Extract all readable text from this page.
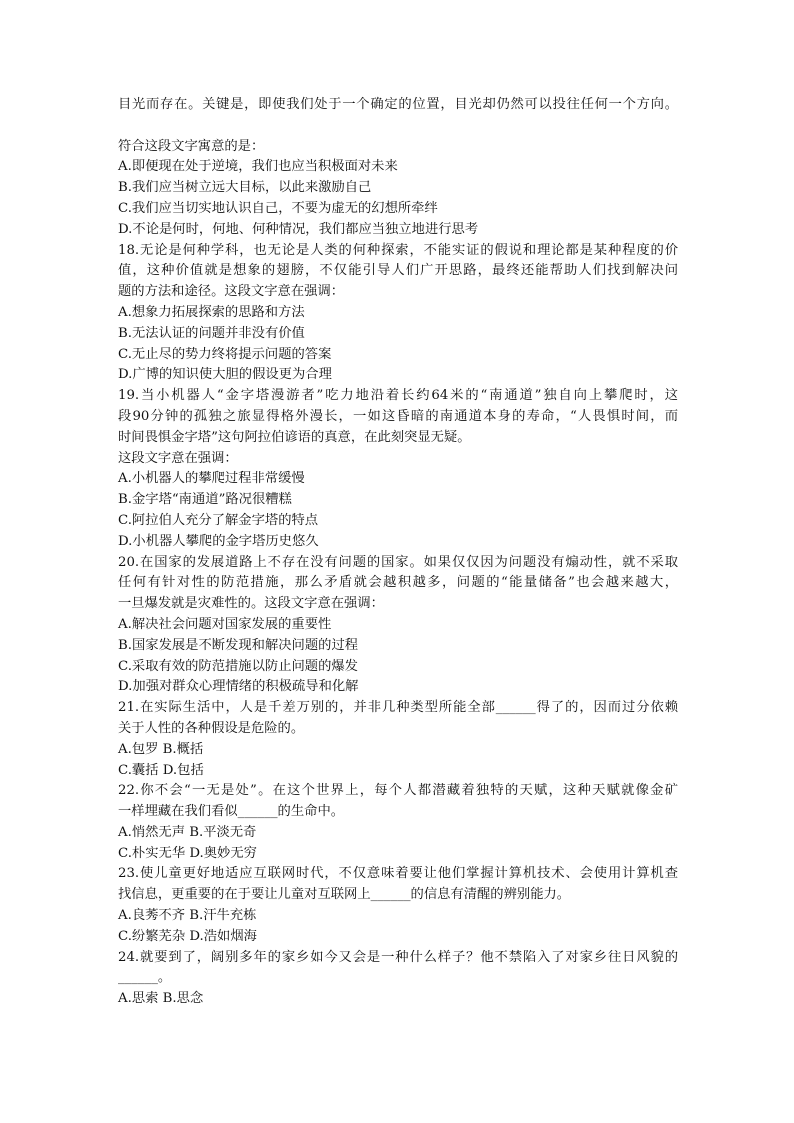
目光而存在。关键是，即使我们处于一个确定的位置，目光却仍然可以投往任何一个方向。
符合这段文字寓意的是：
A.即便现在处于逆境，我们也应当积极面对未来
B.我们应当树立远大目标，以此来激励自己
C.我们应当切实地认识自己，不要为虚无的幻想所牵绊
D.不论是何时，何地、何种情况，我们都应当独立地进行思考
18.无论是何种学科，也无论是人类的何种探索，不能实证的假说和理论都是某种程度的价
值，这种价值就是想象的翅膀，不仅能引导人们广开思路，最终还能帮助人们找到解决问
题的方法和途径。这段文字意在强调：
A.想象力拓展探索的思路和方法
B.无法认证的问题并非没有价值
C.无止尽的势力终将提示问题的答案
D.广博的知识使大胆的假设更为合理
19.当小机器人“金字塔漫游者”吃力地沿着长约64米的“南通道”独自向上攀爬时，这
段90分钟的孤独之旅显得格外漫长，一如这昏暗的南通道本身的寿命，“人畏惧时间，而
时间畏惧金字塔”这句阿拉伯谚语的真意，在此刻突显无疑。
这段文字意在强调：
A.小机器人的攀爬过程非常缓慢
B.金字塔“南通道”路况很糟糕
C.阿拉伯人充分了解金字塔的特点
D.小机器人攀爬的金字塔历史悠久
20.在国家的发展道路上不存在没有问题的国家。如果仅仅因为问题没有煽动性，就不采取
任何有针对性的防范措施，那么矛盾就会越积越多，问题的“能量储备”也会越来越大，
一旦爆发就是灾难性的。这段文字意在强调：
A.解决社会问题对国家发展的重要性
B.国家发展是不断发现和解决问题的过程
C.采取有效的防范措施以防止问题的爆发
D.加强对群众心理情绪的积极疏导和化解
21.在实际生活中，人是千差万别的，并非几种类型所能全部______得了的，因而过分依赖
关于人性的各种假设是危险的。
A.包罗 B.概括
C.囊括 D.包括
22.你不会“一无是处”。在这个世界上，每个人都潜藏着独特的天赋，这种天赋就像金矿
一样埋藏在我们看似______的生命中。
A.悄然无声 B.平淡无奇
C.朴实无华 D.奥妙无穷
23.使儿童更好地适应互联网时代，不仅意味着要让他们掌握计算机技术、会使用计算机查
找信息，更重要的在于要让儿童对互联网上______的信息有清醒的辨别能力。
A.良莠不齐 B.汗牛充栋
C.纷繁芜杂 D.浩如烟海
24.就要到了，阔别多年的家乡如今又会是一种什么样子？他不禁陷入了对家乡往日风貌的
______。
A.思索 B.思念
